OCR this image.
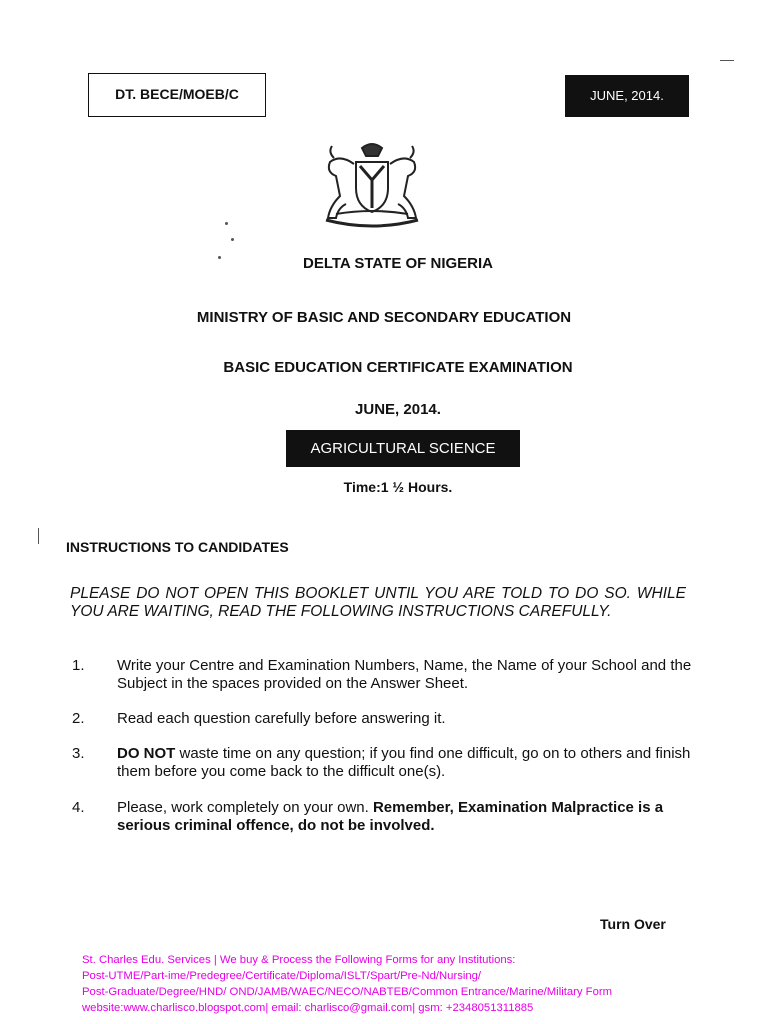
DT. BECE/MOEB/C	JUNE, 2014.
DELTA STATE OF NIGERIA
MINISTRY OF BASIC AND SECONDARY EDUCATION
BASIC EDUCATION CERTIFICATE EXAMINATION
JUNE, 2014.
AGRICULTURAL SCIENCE
Time:1 ½ Hours.
INSTRUCTIONS TO CANDIDATES
PLEASE DO NOT OPEN THIS BOOKLET UNTIL YOU ARE TOLD TO DO SO. WHILE YOU ARE WAITING, READ THE FOLLOWING INSTRUCTIONS CAREFULLY.
1. Write your Centre and Examination Numbers, Name, the Name of your School and the Subject in the spaces provided on the Answer Sheet.
2. Read each question carefully before answering it.
3. DO NOT waste time on any question; if you find one difficult, go on to others and finish them before you come back to the difficult one(s).
4. Please, work completely on your own. Remember, Examination Malpractice is a serious criminal offence, do not be involved.
Turn Over
St. Charles Edu. Services | We buy & Process the Following Forms for any Institutions:
Post-UTME/Part-ime/Predegree/Certificate/Diploma/ISLT/Spart/Pre-Nd/Nursing/
Post-Graduate/Degree/HND/ OND/JAMB/WAEC/NECO/NABTEB/Common Entrance/Marine/Military Form
website:www.charlisco.blogspot.com| email: charlisco@gmail.com| gsm: +2348051311885
